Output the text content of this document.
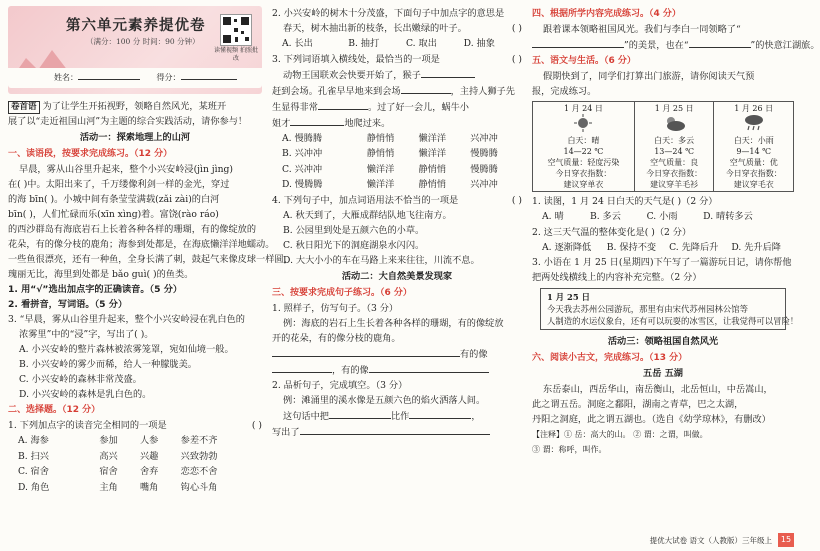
第六单元素养提优卷
（满分：100 分 时间：90 分钟）
读懂视频 拍照批改
姓名：	得分：
卷首语 为了让学生开拓视野，领略自然风光，某班开
展了以“走近祖国山河”为主题的综合实践活动，请你参与！
活动一：探索地理上的山河
一、读语段，按要求完成练习。（12 分）
早晨，雾从山谷里升起来，整个小兴安岭浸(jìn jìng)
在( )中。太阳出来了，千万缕像利剑一样的金光，穿过
的海 bīn( )。小城中间有条莹莹满载(zǎi zài)的白河
bīn( )，人们忙碌而乐(xīn xìng)着。富饶(rào ráo)
的西沙群岛有海底岩石上长着各种各样的珊瑚，有的像绽放的
花朵，有的像分枝的鹿角；海参到处都是，在海底懒洋洋地蠕动。
一些鱼很漂亮，还有一种鱼，全身长满了刺，鼓起气来像皮球一样圆，
瑰丽无比，海里到处都是 bǎo guì( )的鱼类。
1. 用“√”选出加点字的正确读音。（5 分）
2. 看拼音，写词语。（5 分）
3. “早晨，雾从山谷里升起来，整个小兴安岭浸在乳白色的
浓雾里”中的“浸”字，写出了( )。
A. 小兴安岭的整片森林被浓雾笼罩，宛如仙境一般。
B. 小兴安岭的雾少而稀，给人一种朦胧美。
C. 小兴安岭的森林非常茂盛。
D. 小兴安岭的森林是乳白色的。
二、选择题。（12 分）
1. 下列加点字的读音完全相同的一项是	( )
A. 海参	参加	人参	参差不齐
B. 扫兴	高兴	兴趣	兴致勃勃
C. 宿舍	宿舍	舍弃	恋恋不舍
D. 角色	主角	嘴角	钩心斗角
2. 小兴安岭的树木十分茂盛，下面句子中加点字的意思是
( )
春天，树木抽出新的枝条，长出嫩绿的叶子。
A. 长出	B. 抽打	C. 取出	D. 抽象
3. 下列词语填入横线处，最恰当的一项是	( )
动物王国联欢会快要开始了，猴子
赶到会场。孔雀早早地来到会场	，主持人狮子先
生显得非常	。过了好一会儿，蜗牛小
姐才	地爬过来。
A. 慢腾腾	静悄悄	懒洋洋	兴冲冲
B. 兴冲冲	静悄悄	懒洋洋	慢腾腾
C. 兴冲冲	懒洋洋	静悄悄	慢腾腾
D. 慢腾腾	懒洋洋	静悄悄	兴冲冲
4. 下列句子中，加点词语用法不恰当的一项是	( )
A. 秋天到了，大雁成群结队地飞往南方。
B. 公园里到处是五颜六色的小草。
C. 秋日阳光下的洞庭湖泉水闪闪。
D. 大大小小的车在马路上来来往往，川流不息。
活动二：大自然美景发现家
三、按要求完成句子练习。（6 分）
1. 照样子，仿写句子。（3 分）
例：海底的岩石上生长着各种各样的珊瑚，有的像绽放
开的花朵，有的像分枝的鹿角。
有的像
，有的像
2. 品析句子，完成填空。（3 分）
例：滩涌里的溪水像是五颜六色的焰火洒落人间。
这句话中把	比作	，
写出了
四、根据所学内容完成练习。（4 分）
跟着课本领略祖国风光。我们与李白一同领略了“
”的美景，也在“	”的快意江湖旅。
五、语文与生活。（6 分）
假期快到了，同学们打算出门旅游，请你阅读天气预
报，完成练习。
1 月 24 日
白天：晴
14—22 ℃
空气质量：轻度污染
今日穿衣指数：
建议穿单衣

1 月 25 日
白天：多云
13—24 ℃
空气质量：良
今日穿衣指数：
建议穿羊毛衫

1 月 26 日
白天：小雨
9—14 ℃
空气质量：优
今日穿衣指数：
建议穿毛衣
1. 读图，1 月 24 日白天的天气是( )（2 分）
A. 晴	B. 多云	C. 小雨	D. 晴转多云
2. 这三天气温的整体变化是( )（2 分）
A. 逐渐降低	B. 保持不变	C. 先降后升	D. 先升后降
3. 小语在 1 月 25 日(星期四)下午写了一篇游玩日记，请你帮他
把两处线横线上的内容补充完整。（2 分）
1 月 25 日
今天我去苏州公园游玩，那里有由宋代苏州园林公馆等
人制造的水运仪象台，还有可以玩耍的冰雪区，让我觉得可以冒险！
活动三：领略祖国自然风光
六、阅读小古文，完成练习。（13 分）
五岳 五湖
东岳泰山，西岳华山，南岳衡山，北岳恒山，中岳嵩山，
此之谓五岳。洞庭之鄱阳，湖南之青草，巴之太湖，
丹阳之洞庭，此之谓五湖也。（选自《幼学琼林》，有删改）
【注释】① 岳：高大的山。 ② 谓：之谓，叫做。
③ 谓：称呼，叫作。
提优大试卷 语文（人教版）三年级上	15
